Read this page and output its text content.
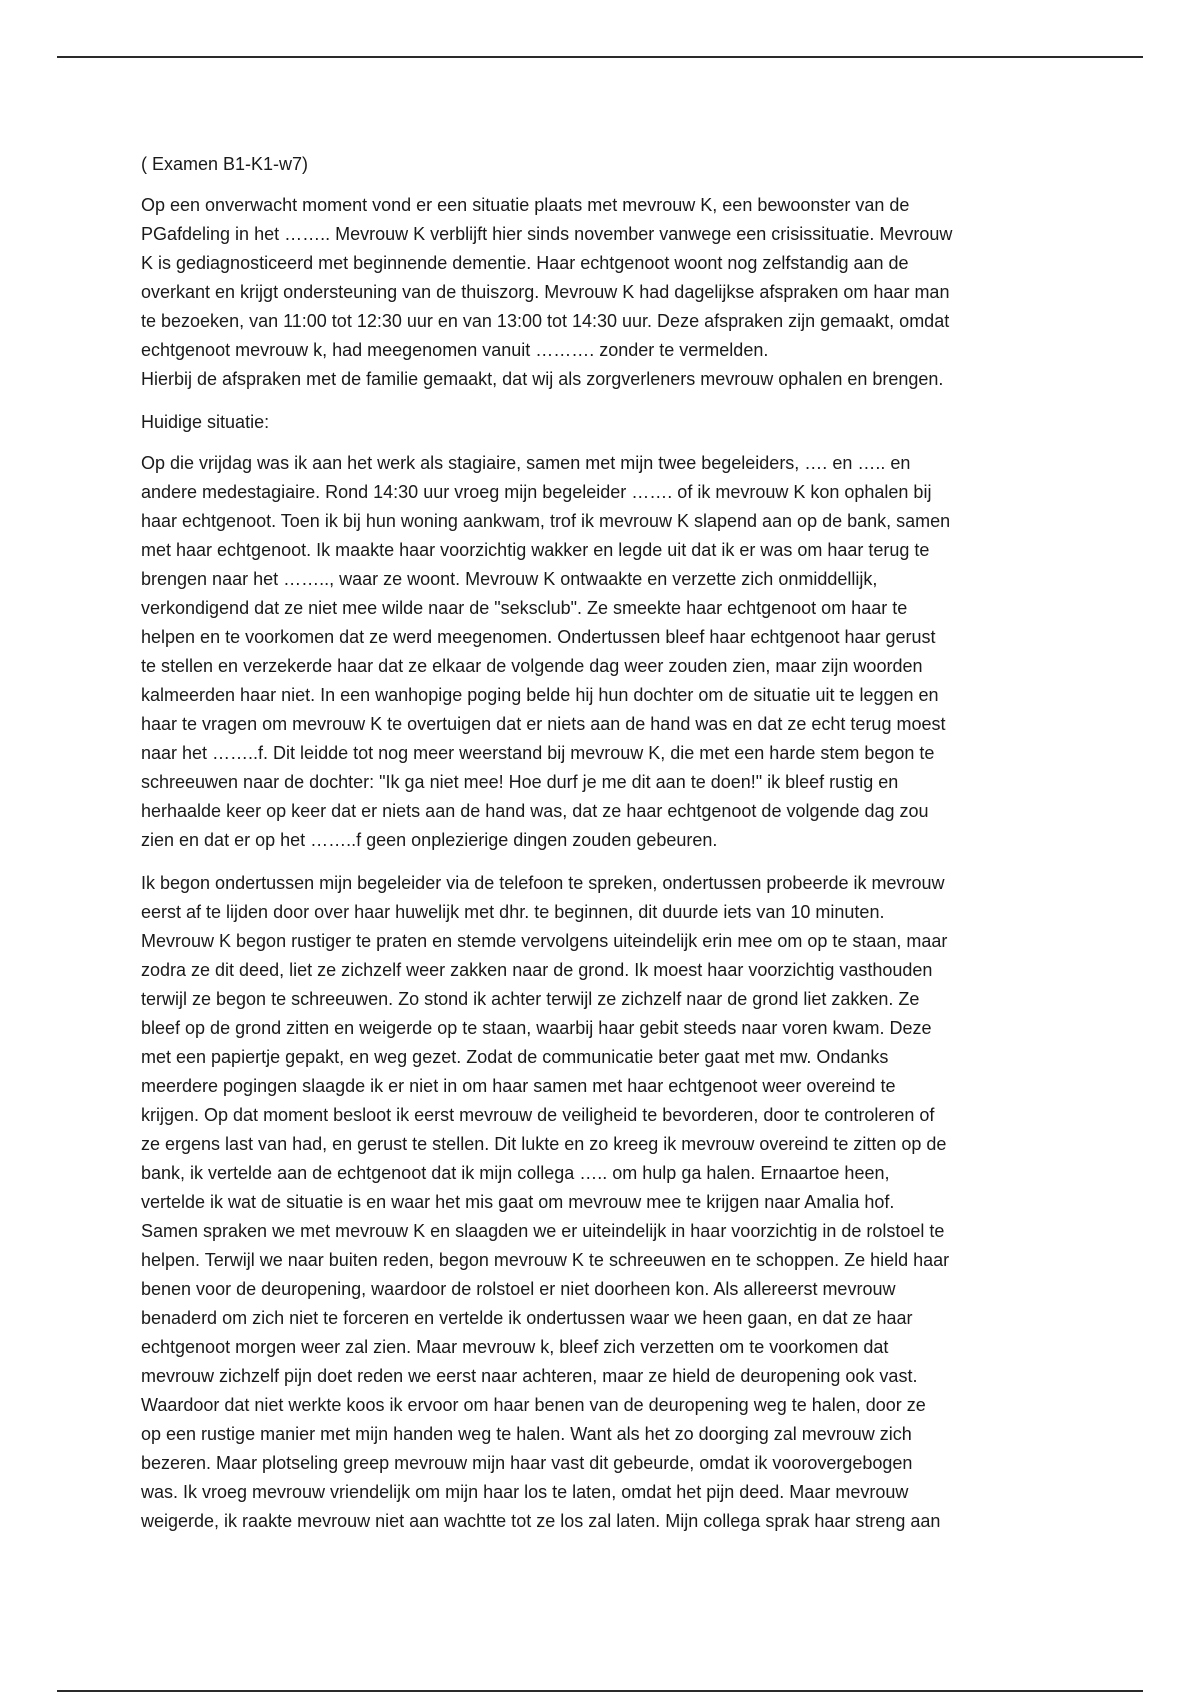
( Examen B1-K1-w7)

Op een onverwacht moment vond er een situatie plaats met mevrouw K, een bewoonster van de
PGafdeling in het …….. Mevrouw K verblijft hier sinds november vanwege een crisissituatie. Mevrouw
K is gediagnosticeerd met beginnende dementie. Haar echtgenoot woont nog zelfstandig aan de
overkant en krijgt ondersteuning van de thuiszorg. Mevrouw K had dagelijkse afspraken om haar man
te bezoeken, van 11:00 tot 12:30 uur en van 13:00 tot 14:30 uur. Deze afspraken zijn gemaakt, omdat
echtgenoot mevrouw k, had meegenomen vanuit ………. zonder te vermelden.
Hierbij de afspraken met de familie gemaakt, dat wij als zorgverleners mevrouw ophalen en brengen.

Huidige situatie:

Op die vrijdag was ik aan het werk als stagiaire, samen met mijn twee begeleiders, …. en ….. en
andere medestagiaire. Rond 14:30 uur vroeg mijn begeleider ……. of ik mevrouw K kon ophalen bij
haar echtgenoot. Toen ik bij hun woning aankwam, trof ik mevrouw K slapend aan op de bank, samen
met haar echtgenoot. Ik maakte haar voorzichtig wakker en legde uit dat ik er was om haar terug te
brengen naar het …….., waar ze woont. Mevrouw K ontwaakte en verzette zich onmiddellijk,
verkondigend dat ze niet mee wilde naar de "seksclub". Ze smeekte haar echtgenoot om haar te
helpen en te voorkomen dat ze werd meegenomen. Ondertussen bleef haar echtgenoot haar gerust
te stellen en verzekerde haar dat ze elkaar de volgende dag weer zouden zien, maar zijn woorden
kalmeerden haar niet. In een wanhopige poging belde hij hun dochter om de situatie uit te leggen en
haar te vragen om mevrouw K te overtuigen dat er niets aan de hand was en dat ze echt terug moest
naar het ……..f. Dit leidde tot nog meer weerstand bij mevrouw K, die met een harde stem begon te
schreeuwen naar de dochter: "Ik ga niet mee! Hoe durf je me dit aan te doen!" ik bleef rustig en
herhaalde keer op keer dat er niets aan de hand was, dat ze haar echtgenoot de volgende dag zou
zien en dat er op het ……..f geen onplezierige dingen zouden gebeuren.

Ik begon ondertussen mijn begeleider via de telefoon te spreken, ondertussen probeerde ik mevrouw
eerst af te lijden door over haar huwelijk met dhr. te beginnen, dit duurde iets van 10 minuten.
Mevrouw K begon rustiger te praten en stemde vervolgens uiteindelijk erin mee om op te staan, maar
zodra ze dit deed, liet ze zichzelf weer zakken naar de grond. Ik moest haar voorzichtig vasthouden
terwijl ze begon te schreeuwen. Zo stond ik achter terwijl ze zichzelf naar de grond liet zakken. Ze
bleef op de grond zitten en weigerde op te staan, waarbij haar gebit steeds naar voren kwam. Deze
met een papiertje gepakt, en weg gezet. Zodat de communicatie beter gaat met mw. Ondanks
meerdere pogingen slaagde ik er niet in om haar samen met haar echtgenoot weer overeind te
krijgen. Op dat moment besloot ik eerst mevrouw de veiligheid te bevorderen, door te controleren of
ze ergens last van had, en gerust te stellen. Dit lukte en zo kreeg ik mevrouw overeind te zitten op de
bank, ik vertelde aan de echtgenoot dat ik mijn collega ….. om hulp ga halen. Ernaartoe heen,
vertelde ik wat de situatie is en waar het mis gaat om mevrouw mee te krijgen naar Amalia hof.
Samen spraken we met mevrouw K en slaagden we er uiteindelijk in haar voorzichtig in de rolstoel te
helpen. Terwijl we naar buiten reden, begon mevrouw K te schreeuwen en te schoppen. Ze hield haar
benen voor de deuropening, waardoor de rolstoel er niet doorheen kon. Als allereerst mevrouw
benaderd om zich niet te forceren en vertelde ik ondertussen waar we heen gaan, en dat ze haar
echtgenoot morgen weer zal zien. Maar mevrouw k, bleef zich verzetten om te voorkomen dat
mevrouw zichzelf pijn doet reden we eerst naar achteren, maar ze hield de deuropening ook vast.
Waardoor dat niet werkte koos ik ervoor om haar benen van de deuropening weg te halen, door ze
op een rustige manier met mijn handen weg te halen. Want als het zo doorging zal mevrouw zich
bezeren. Maar plotseling greep mevrouw mijn haar vast dit gebeurde, omdat ik voorovergebogen
was. Ik vroeg mevrouw vriendelijk om mijn haar los te laten, omdat het pijn deed. Maar mevrouw
weigerde, ik raakte mevrouw niet aan wachtte tot ze los zal laten. Mijn collega sprak haar streng aan
